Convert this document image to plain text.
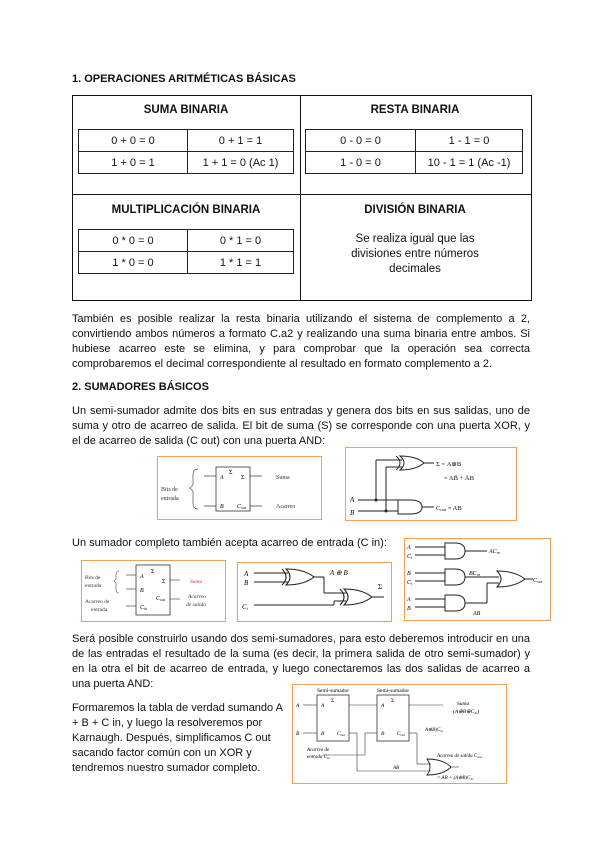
1. OPERACIONES ARITMÉTICAS BÁSICAS
SUMA BINARIA
0 + 0 = 0	0 + 1 = 1
1 + 0 = 1	1 + 1 = 0 (Ac 1)
RESTA BINARIA
0 - 0 = 0	1 - 1 = 0
1 - 0 = 0	10 - 1 = 1 (Ac -1)
MULTIPLICACIÓN BINARIA
0 * 0 = 0	0 * 1 = 0
1 * 0 = 0	1 * 1 = 1
DIVISIÓN BINARIA
Se realiza igual que las
divisiones entre números
decimales
También es posible realizar la resta binaria utilizando el sistema de complemento a 2, convirtiendo ambos números a formato C.a2 y realizando una suma binaria entre ambos. Si hubiese acarreo este se elimina, y para comprobar que la operación sea correcta comprobaremos el decimal correspondiente al resultado en formato complemento a 2.
2. SUMADORES BÁSICOS
Un semi-sumador admite dos bits en sus entradas y genera dos bits en sus salidas, uno de suma y otro de acarreo de salida. El bit de suma (S) se corresponde con una puerta XOR, y el de acarreo de salida (C out) con una puerta AND:
Bits de
entrada
A
B
Σ
Σ
Cout
Suma
Acarreo
A
B
Σ = A⊕B
= AB̄ + ĀB
Cout = AB
Un sumador completo también acepta acarreo de entrada (C in):
Bits de
entrada
Acarreo de
entrada
A
B
Cin
Σ
Σ
Cout
Suma
Acarreo
de salida
A
B
Ci
A ⊕ B
Σ
A
Ci
B
Ci
A
B
ACin
BCin
AB
Cout
Será posible construirlo usando dos semi-sumadores, para esto deberemos introducir en una de las entradas el resultado de la suma (es decir, la primera salida de otro semi-sumador) y en la otra el bit de acarreo de entrada, y luego conectaremos las dos salidas de acarreo a una puerta AND:
Formaremos la tabla de verdad sumando A + B + C in, y luego la resolveremos por Karnaugh. Después, simplificamos C out sacando factor común con un XOR y tendremos nuestro sumador completo.
Semi-sumador	Semi-sumador
A
B
A
B
Σ
Cout
A
B
Σ
Cout
Suma
(A⊕B⊕Cin)
Acarreo de
entrada $C_{in}$
$A\oplus B)C_{in}$
AB
Acarreo de salida $C_{out}$
= AB + $(A\oplus B)C_{in}$
